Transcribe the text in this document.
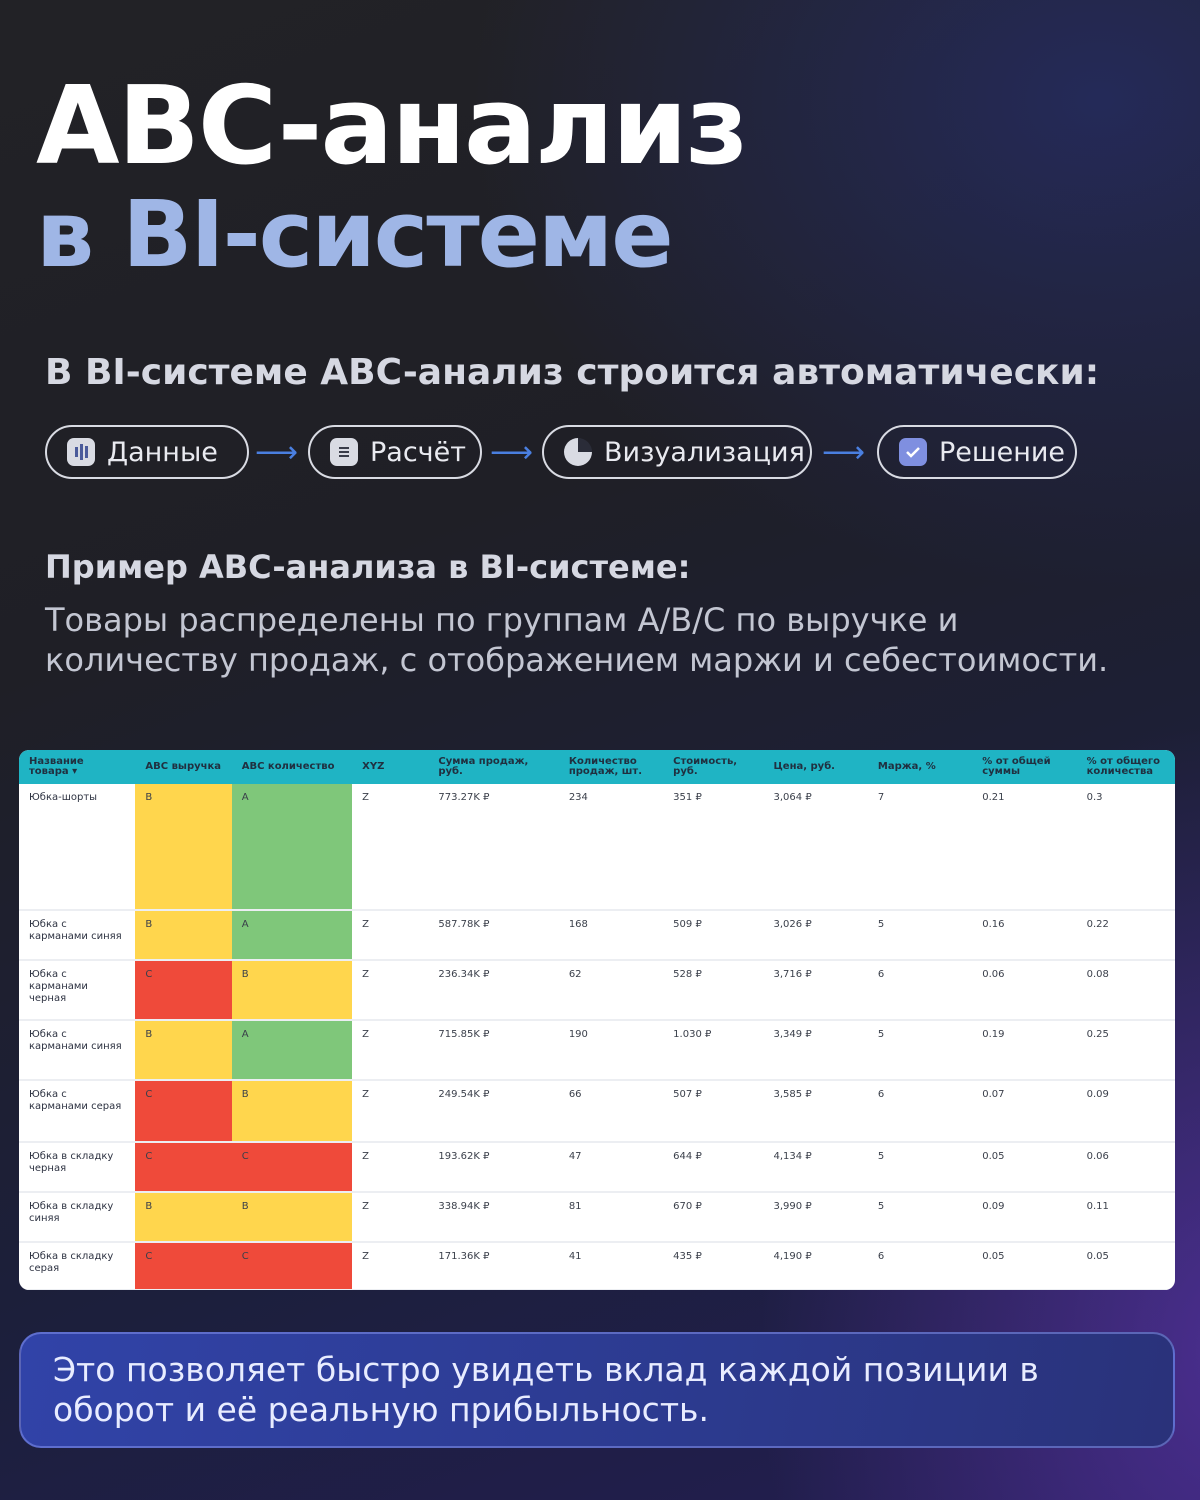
ABC-анализ
в BI-системе
В BI-системе ABC-анализ строится автоматически:
Данные ⟶	Расчёт ⟶	Визуализация ⟶	Решение
Пример ABC-анализа в BI-системе:
Товары распределены по группам A/B/C по выручке и количеству продаж, с отображением маржи и себестоимости.
Название товара ▾	ABC выручка	ABC количество	XYZ	Сумма продаж, руб.	Количество продаж, шт.	Стоимость, руб.	Цена, руб.	Маржа, %	% от общей суммы	% от общего количества
Юбка-шорты	B	A	Z	773.27K ₽	234	351 ₽	3,064 ₽	7	0.21	0.3
Юбка с карманами синяя	B	A	Z	587.78K ₽	168	509 ₽	3,026 ₽	5	0.16	0.22
Юбка с карманами черная	C	B	Z	236.34K ₽	62	528 ₽	3,716 ₽	6	0.06	0.08
Юбка с карманами синяя	B	A	Z	715.85K ₽	190	1.030 ₽	3,349 ₽	5	0.19	0.25
Юбка с карманами серая	C	B	Z	249.54K ₽	66	507 ₽	3,585 ₽	6	0.07	0.09
Юбка в складку черная	C	C	Z	193.62K ₽	47	644 ₽	4,134 ₽	5	0.05	0.06
Юбка в складку синяя	B	B	Z	338.94K ₽	81	670 ₽	3,990 ₽	5	0.09	0.11
Юбка в складку серая	C	C	Z	171.36K ₽	41	435 ₽	4,190 ₽	6	0.05	0.05
Это позволяет быстро увидеть вклад каждой позиции в оборот и её реальную прибыльность.
